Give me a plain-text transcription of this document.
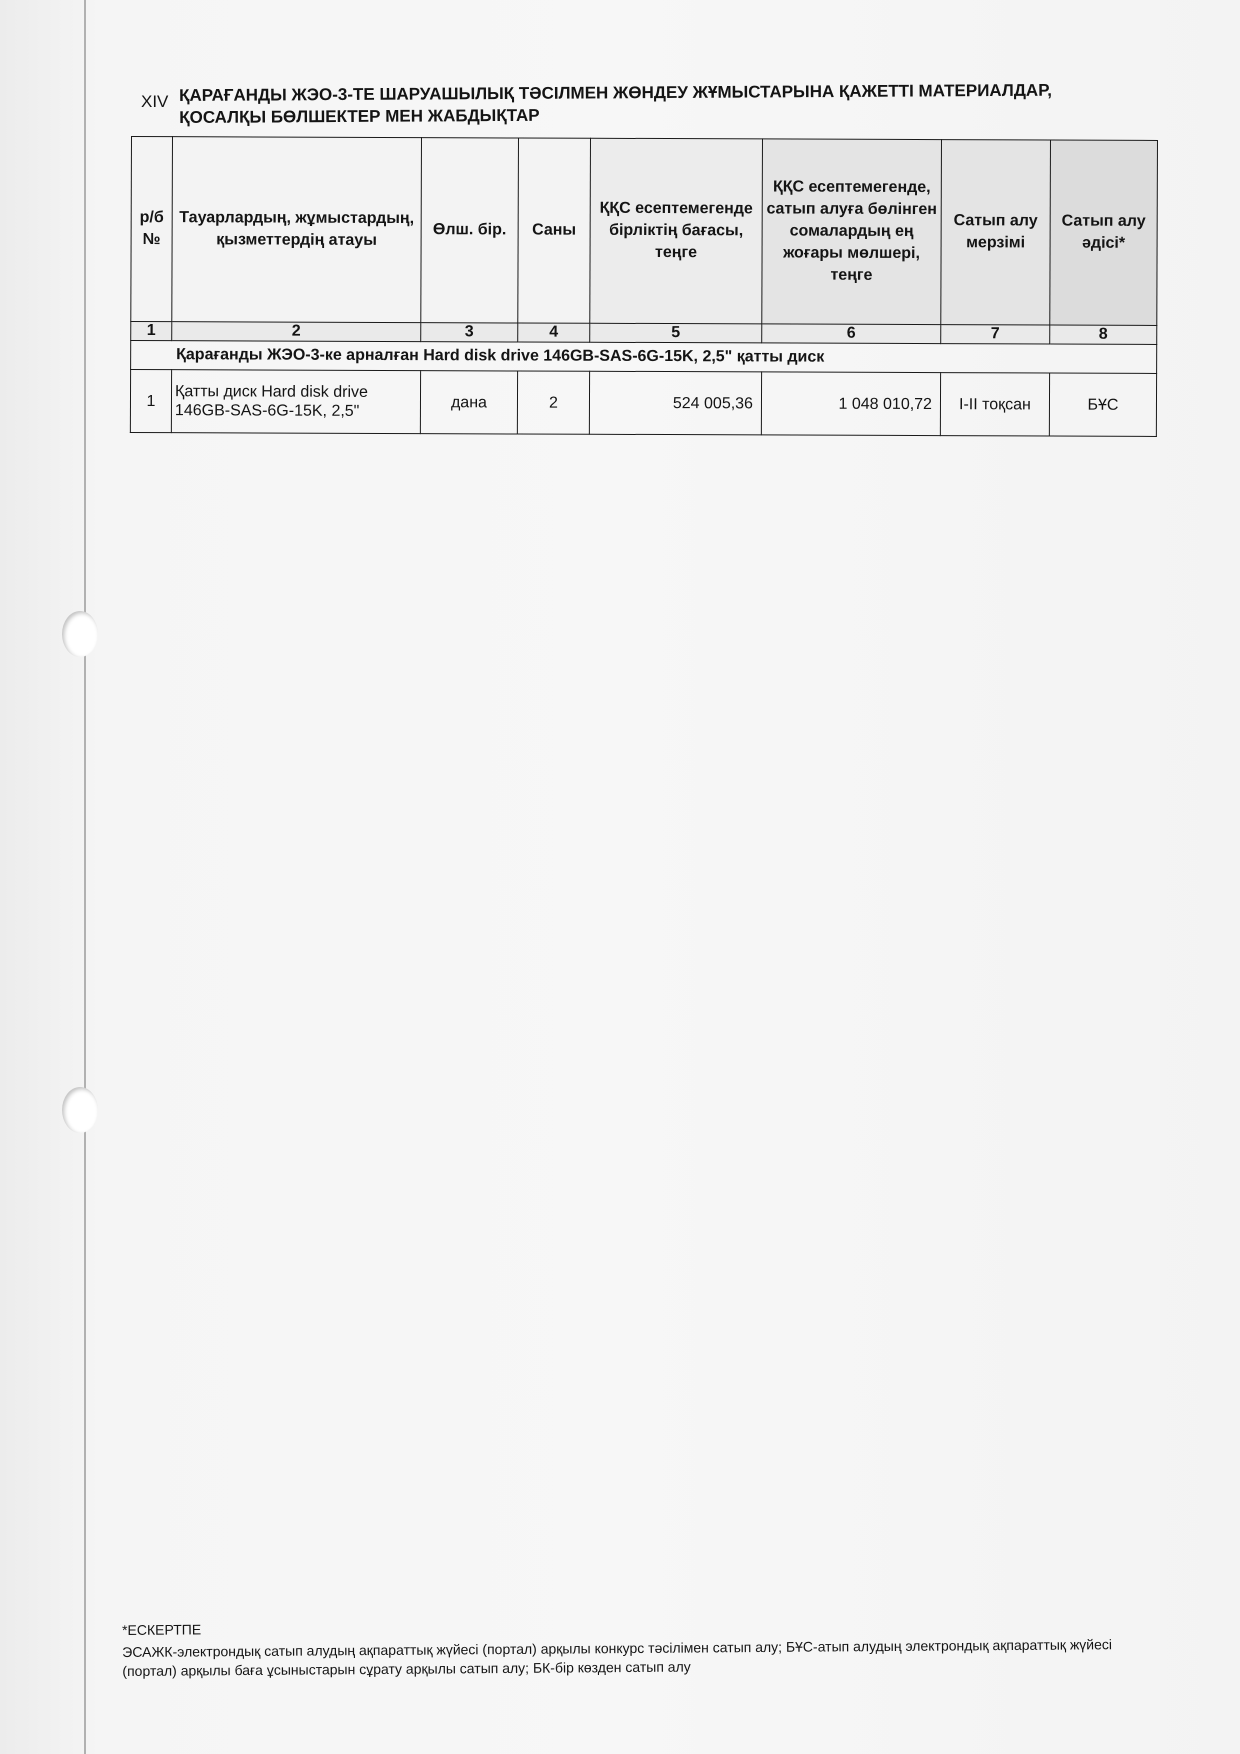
XIV ҚАРАҒАНДЫ ЖЭО-3-ТЕ ШАРУАШЫЛЫҚ ТӘСІЛМЕН ЖӨНДЕУ ЖҰМЫСТАРЫНА ҚАЖЕТТІ МАТЕРИАЛДАР,
ҚОСАЛҚЫ БӨЛШЕКТЕР МЕН ЖАБДЫҚТАР
р/б №	Тауарлардың, жұмыстардың, қызметтердің атауы	Өлш. бір.	Саны	ҚҚС есептемегенде бірліктің бағасы, теңге	ҚҚС есептемегенде, сатып алуға бөлінген сомалардың ең жоғары мөлшері, теңге	Сатып алу мерзімі	Сатып алу әдісі*
1	2	3	4	5	6	7	8
Қарағанды ЖЭО-3-ке арналған Hard disk drive 146GB-SAS-6G-15K, 2,5" қатты диск							
1	Қатты диск Hard disk drive 146GB-SAS-6G-15K, 2,5"	дана	2	524 005,36	1 048 010,72	I-II тоқсан	БҰС
*ЕСКЕРТПЕ
ЭСАЖК-электрондық сатып алудың ақпараттық жүйесі (портал) арқылы конкурс тәсілімен сатып алу; БҰС-атып алудың электрондық ақпараттық жүйесі (портал) арқылы баға ұсыныстарын сұрату арқылы сатып алу; БК-бір көзден сатып алу
